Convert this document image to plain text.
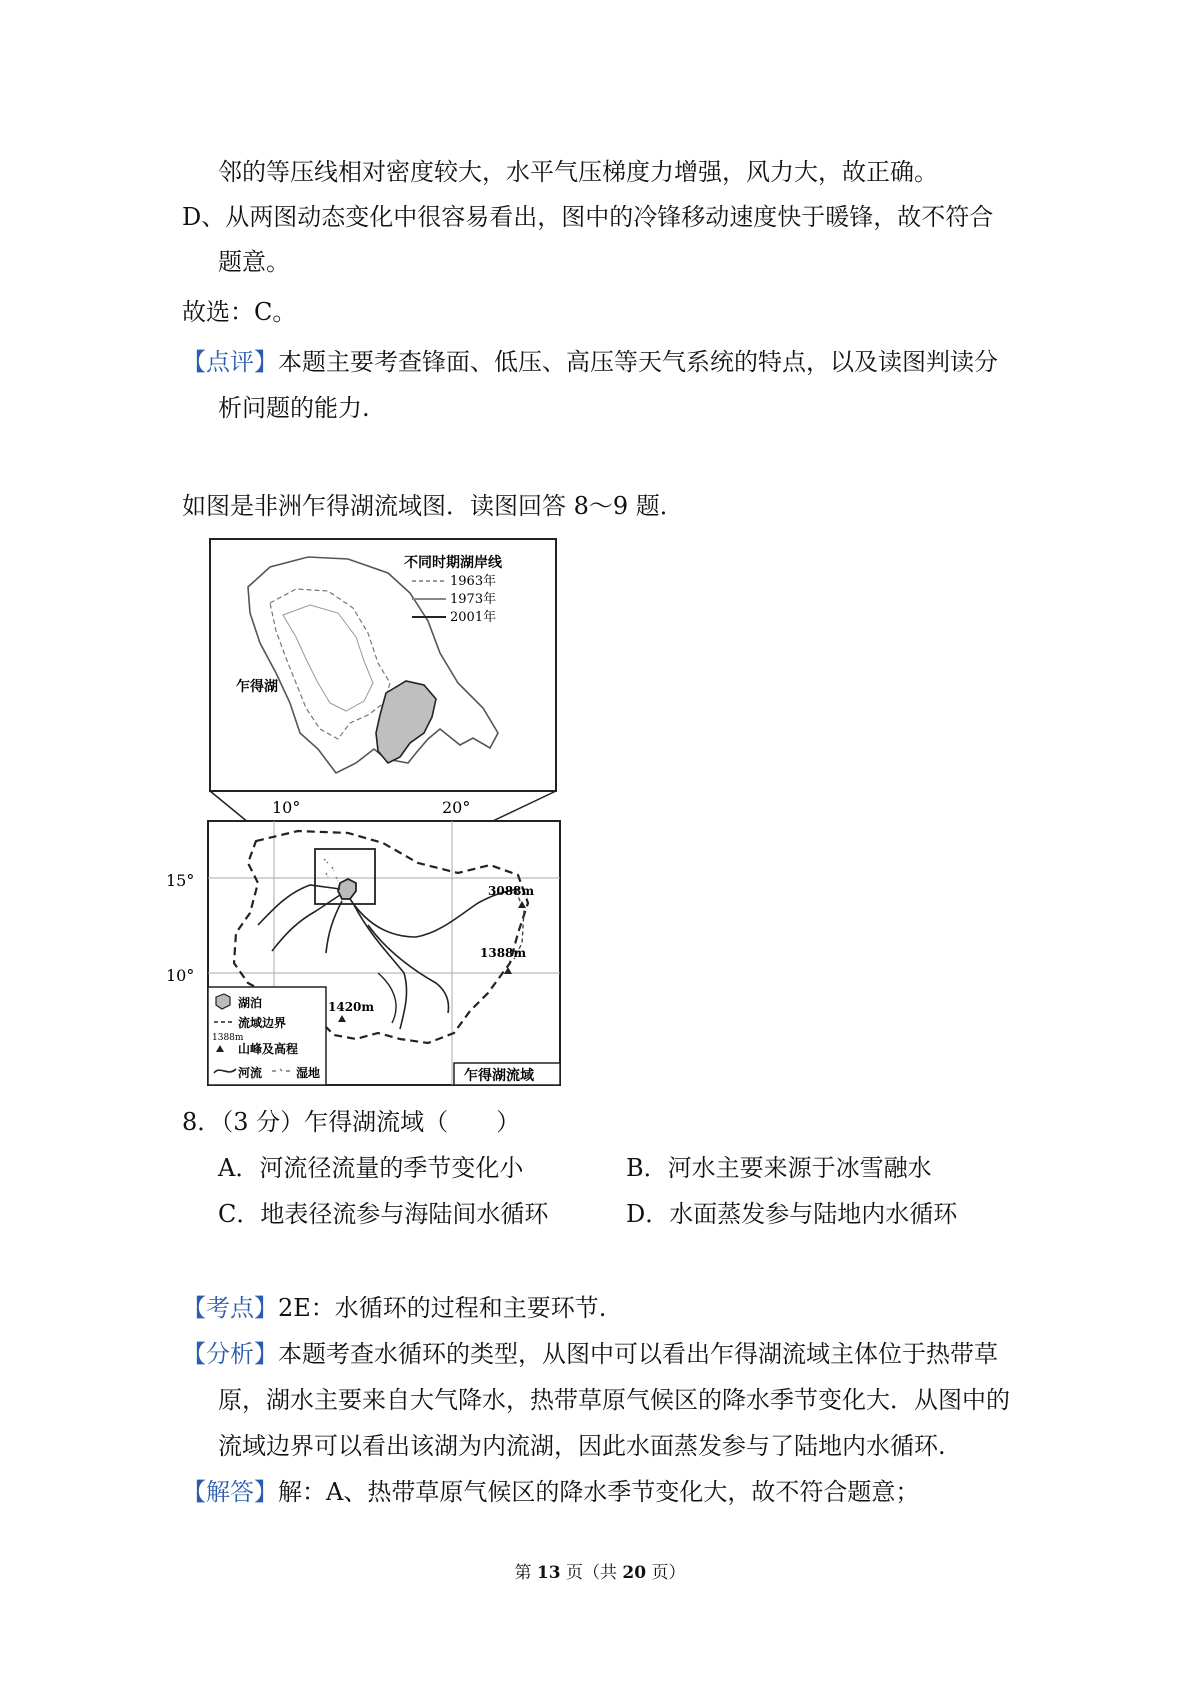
邻的等压线相对密度较大，水平气压梯度力增强，风力大，故正确。
D、从两图动态变化中很容易看出，图中的冷锋移动速度快于暖锋，故不符合
题意。
故选：C。
【点评】本题主要考查锋面、低压、高压等天气系统的特点，以及读图判读分
析问题的能力.
如图是非洲乍得湖流域图．读图回答 8～9 题．
不同时期湖岸线
1963年
1973年
2001年
乍得湖
10°	20°
15°
10°
3088m
1388m
1420m
湖泊
流域边界
1388m
山峰及高程
河流	湿地	乍得湖流域
8．（3 分）乍得湖流域（　　）
A．河流径流量的季节变化小	B．河水主要来源于冰雪融水
C．地表径流参与海陆间水循环	D．水面蒸发参与陆地内水循环
【考点】2E：水循环的过程和主要环节.
【分析】本题考查水循环的类型，从图中可以看出乍得湖流域主体位于热带草
原，湖水主要来自大气降水，热带草原气候区的降水季节变化大．从图中的
流域边界可以看出该湖为内流湖，因此水面蒸发参与了陆地内水循环.
【解答】解：A、热带草原气候区的降水季节变化大，故不符合题意；
第 13 页（共 20 页）
